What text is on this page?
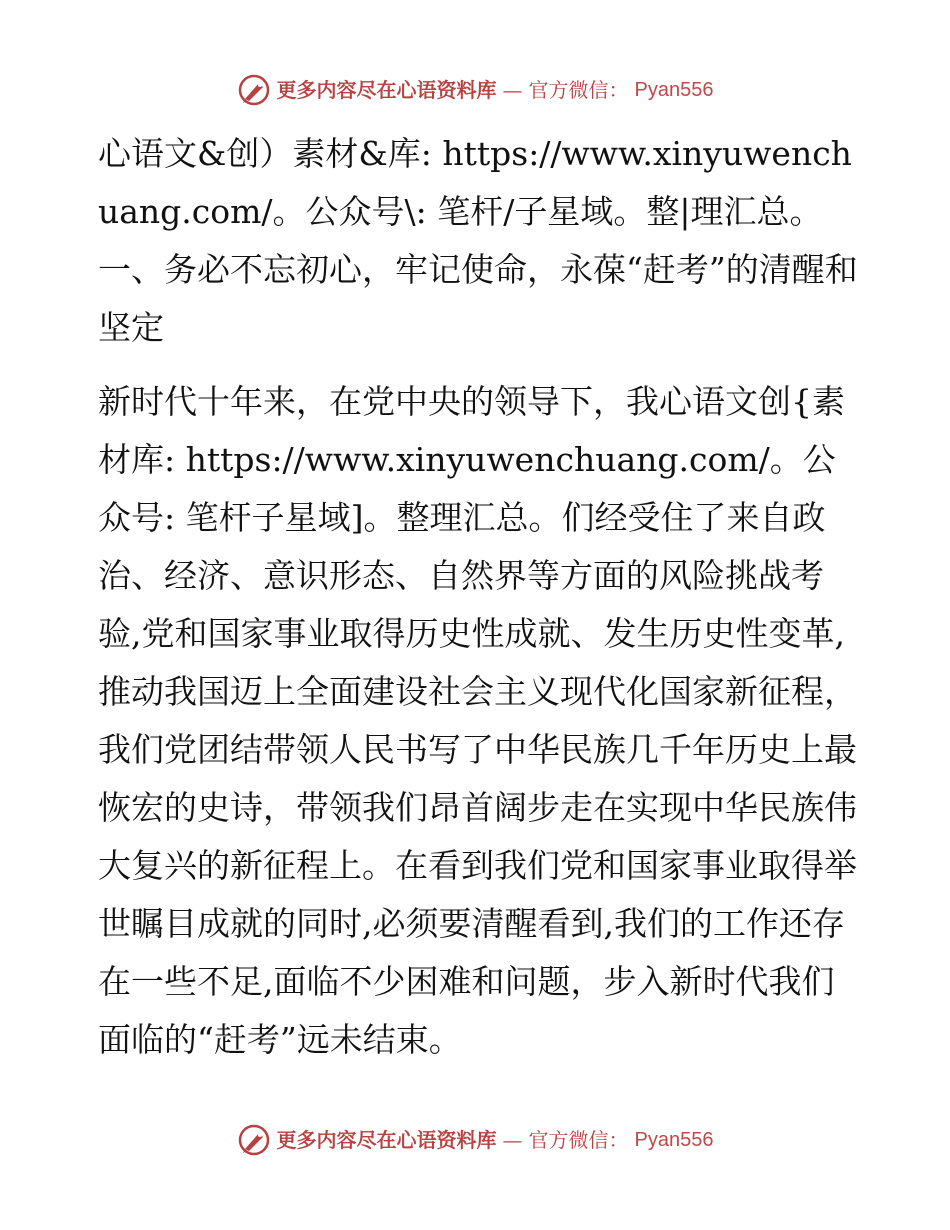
更多内容尽在心语资料库 — 官方微信： Pyan556

心语文&创）素材&库: https://www.xinyuwenchuang.com/。公众号\: 笔杆/子星域。整|理汇总。一、务必不忘初心，牢记使命，永葆“赶考”的清醒和坚定

新时代十年来，在党中央的领导下，我心语文创{素材库: https://www.xinyuwenchuang.com/。公众号: 笔杆子星域]。整理汇总。们经受住了来自政治、经济、意识形态、自然界等方面的风险挑战考验,党和国家事业取得历史性成就、发生历史性变革,推动我国迈上全面建设社会主义现代化国家新征程，我们党团结带领人民书写了中华民族几千年历史上最恢宏的史诗，带领我们昂首阔步走在实现中华民族伟大复兴的新征程上。在看到我们党和国家事业取得举世瞩目成就的同时,必须要清醒看到,我们的工作还存在一些不足,面临不少困难和问题，步入新时代我们面临的“赶考”远未结束。

更多内容尽在心语资料库 — 官方微信： Pyan556
